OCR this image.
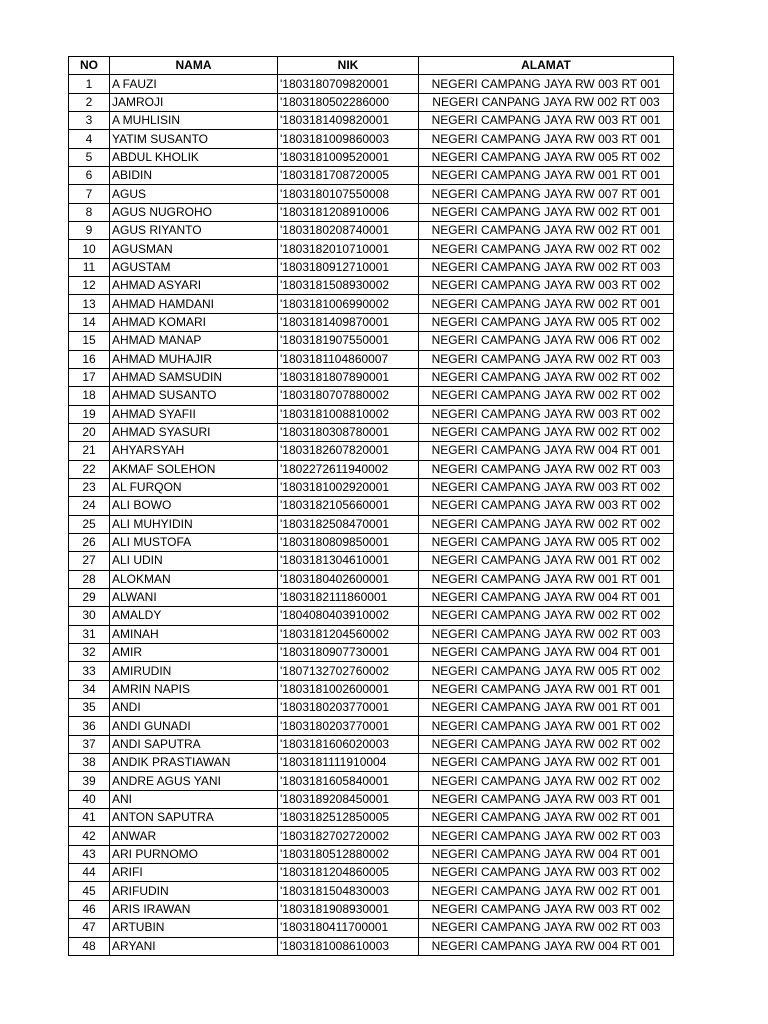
NO	NAMA	NIK	ALAMAT
1	A FAUZI	'1803180709820001	NEGERI CAMPANG JAYA RW 003 RT 001
2	JAMROJI	'1803180502286000	NEGERI CANPANG JAYA RW 002 RT 003
3	A MUHLISIN	'1803181409820001	NEGERI CAMPANG JAYA RW 003 RT 001
4	YATIM SUSANTO	'1803181009860003	NEGERI CAMPANG JAYA RW 003 RT 001
5	ABDUL KHOLIK	'1803181009520001	NEGERI CAMPANG JAYA RW 005 RT 002
6	ABIDIN	'1803181708720005	NEGERI CAMPANG JAYA RW 001 RT 001
7	AGUS	'1803180107550008	NEGERI CAMPANG JAYA RW 007 RT 001
8	AGUS NUGROHO	'1803181208910006	NEGERI CAMPANG JAYA RW 002 RT 001
9	AGUS RIYANTO	'1803180208740001	NEGERI CAMPANG JAYA RW 002 RT 001
10	AGUSMAN	'1803182010710001	NEGERI CAMPANG JAYA RW 002 RT 002
11	AGUSTAM	'1803180912710001	NEGERI CAMPANG JAYA RW 002 RT 003
12	AHMAD ASYARI	'1803181508930002	NEGERI CAMPANG JAYA RW 003 RT 002
13	AHMAD HAMDANI	'1803181006990002	NEGERI CAMPANG JAYA RW 002 RT 001
14	AHMAD KOMARI	'1803181409870001	NEGERI CAMPANG JAYA RW 005 RT 002
15	AHMAD MANAP	'1803181907550001	NEGERI CAMPANG JAYA RW 006 RT 002
16	AHMAD MUHAJIR	'1803181104860007	NEGERI CAMPANG JAYA RW 002 RT 003
17	AHMAD SAMSUDIN	'1803181807890001	NEGERI CAMPANG JAYA RW 002 RT 002
18	AHMAD SUSANTO	'1803180707880002	NEGERI CAMPANG JAYA RW 002 RT 002
19	AHMAD SYAFII	'1803181008810002	NEGERI CAMPANG JAYA RW 003 RT 002
20	AHMAD SYASURI	'1803180308780001	NEGERI CAMPANG JAYA RW 002 RT 002
21	AHYARSYAH	'1803182607820001	NEGERI CAMPANG JAYA RW 004 RT 001
22	AKMAF SOLEHON	'1802272611940002	NEGERI CAMPANG JAYA RW 002 RT 003
23	AL FURQON	'1803181002920001	NEGERI CAMPANG JAYA RW 003 RT 002
24	ALI BOWO	'1803182105660001	NEGERI CAMPANG JAYA RW 003 RT 002
25	ALI MUHYIDIN	'1803182508470001	NEGERI CAMPANG JAYA RW 002 RT 002
26	ALI MUSTOFA	'1803180809850001	NEGERI CAMPANG JAYA RW 005 RT 002
27	ALI UDIN	'1803181304610001	NEGERI CAMPANG JAYA RW 001 RT 002
28	ALOKMAN	'1803180402600001	NEGERI CAMPANG JAYA RW 001 RT 001
29	ALWANI	'1803182111860001	NEGERI CAMPANG JAYA RW 004 RT 001
30	AMALDY	'1804080403910002	NEGERI CAMPANG JAYA RW 002 RT 002
31	AMINAH	'1803181204560002	NEGERI CAMPANG JAYA RW 002 RT 003
32	AMIR	'1803180907730001	NEGERI CAMPANG JAYA RW 004 RT 001
33	AMIRUDIN	'1807132702760002	NEGERI CAMPANG JAYA RW 005 RT 002
34	AMRIN NAPIS	'1803181002600001	NEGERI CAMPANG JAYA RW 001 RT 001
35	ANDI	'1803180203770001	NEGERI CAMPANG JAYA RW 001 RT 001
36	ANDI GUNADI	'1803180203770001	NEGERI CAMPANG JAYA RW 001 RT 002
37	ANDI SAPUTRA	'1803181606020003	NEGERI CAMPANG JAYA RW 002 RT 002
38	ANDIK PRASTIAWAN	'1803181111910004	NEGERI CAMPANG JAYA RW 002 RT 001
39	ANDRE AGUS YANI	'1803181605840001	NEGERI CAMPANG JAYA RW 002 RT 002
40	ANI	'1803189208450001	NEGERI CAMPANG JAYA RW 003 RT 001
41	ANTON SAPUTRA	'1803182512850005	NEGERI CAMPANG JAYA RW 002 RT 001
42	ANWAR	'1803182702720002	NEGERI CAMPANG JAYA RW 002 RT 003
43	ARI PURNOMO	'1803180512880002	NEGERI CAMPANG JAYA RW 004 RT 001
44	ARIFI	'1803181204860005	NEGERI CAMPANG JAYA RW 003 RT 002
45	ARIFUDIN	'1803181504830003	NEGERI CAMPANG JAYA RW 002 RT 001
46	ARIS IRAWAN	'1803181908930001	NEGERI CAMPANG JAYA RW 003 RT 002
47	ARTUBIN	'1803180411700001	NEGERI CAMPANG JAYA RW 002 RT 003
48	ARYANI	'1803181008610003	NEGERI CAMPANG JAYA RW 004 RT 001
